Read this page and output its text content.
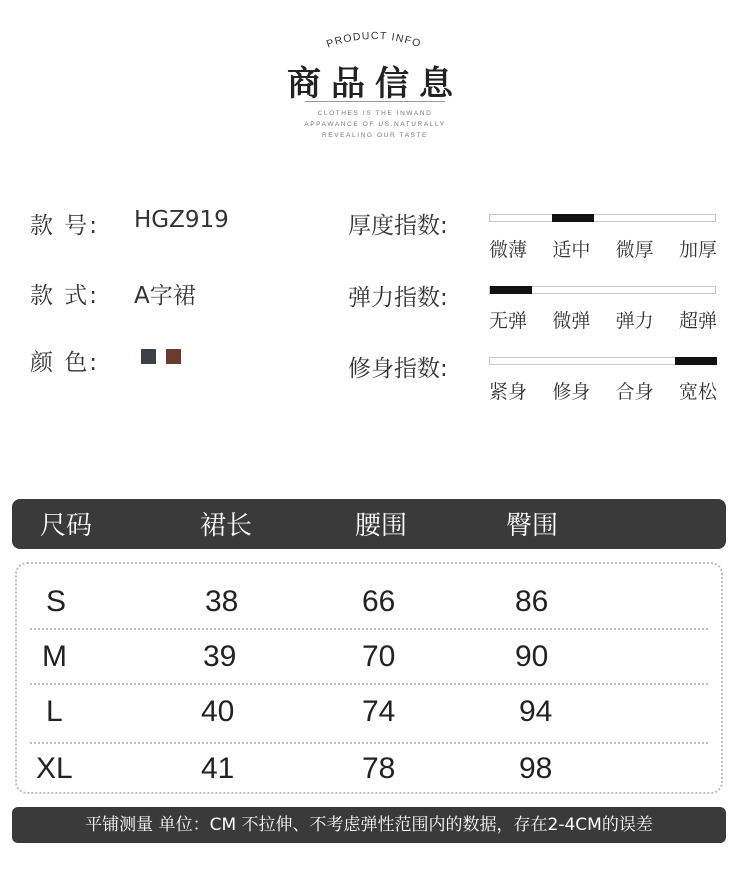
PRODUCT INFO
商品信息
CLOTHES IS THE INWAND
APPAWANCE OF US.NATURALLY
REVEALING OUR TASTE
款 号: HGZ919
款 式: A字裙
颜 色:
厚度指数:
微薄 适中 微厚 加厚
弹力指数:
无弹 微弹 弹力 超弹
修身指数:
紧身 修身 合身 宽松
尺码	裙长	腰围	臀围
S	38	66	86
M	39	70	90
L	40	74	94
XL	41	78	98
平铺测量 单位：CM 不拉伸、不考虑弹性范围内的数据，存在2-4CM的误差
